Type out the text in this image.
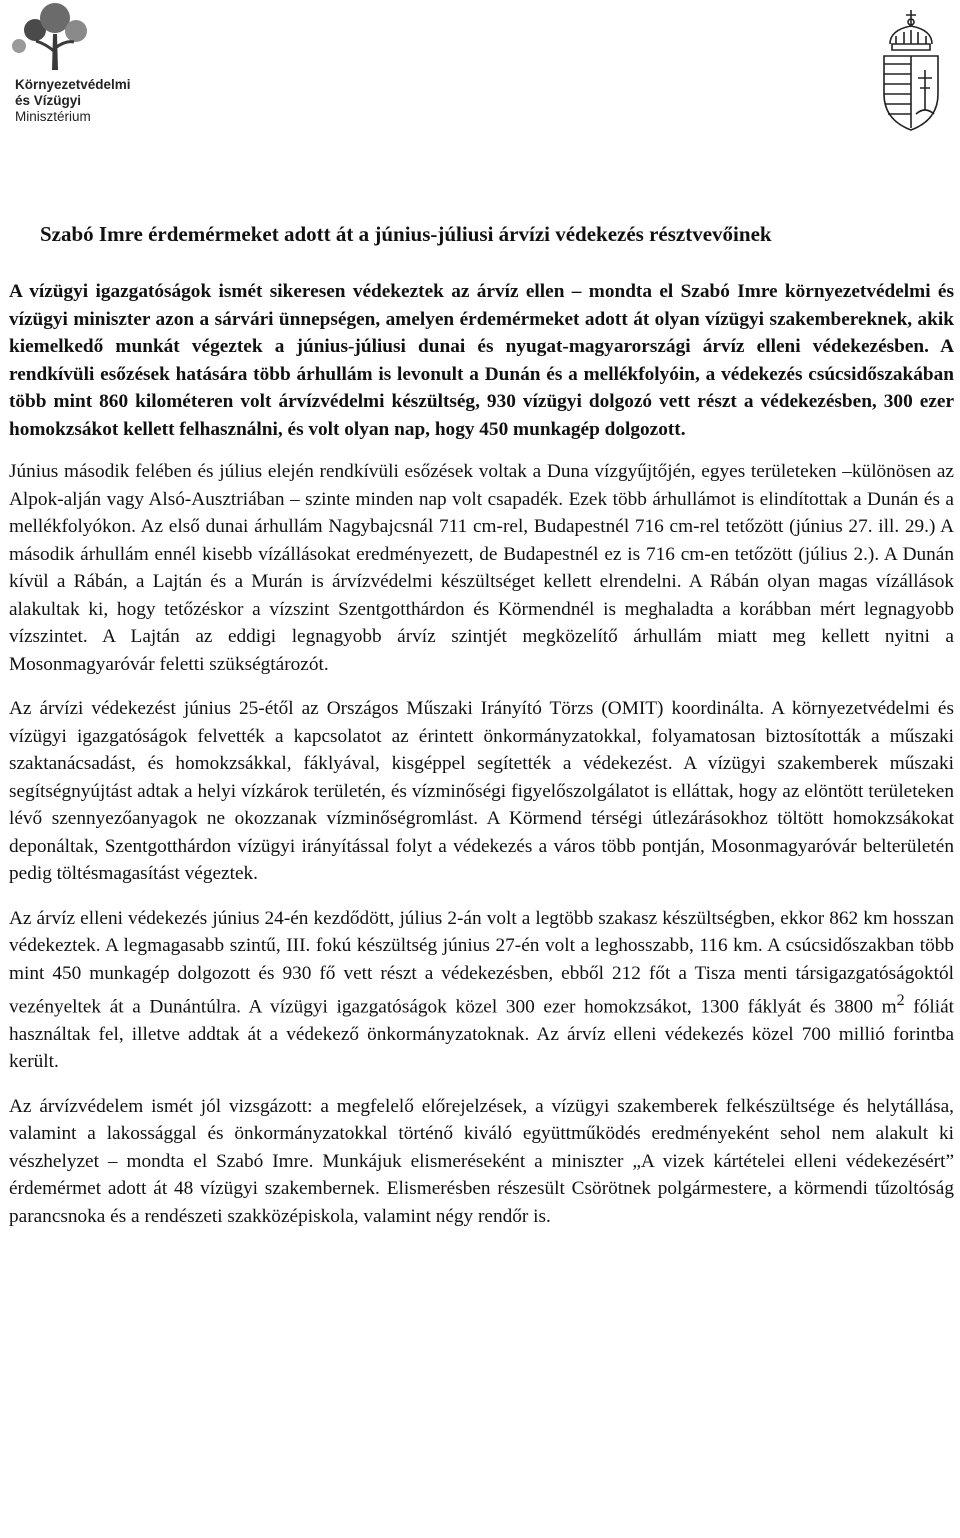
Környezetvédelmi
és Vízügyi
Minisztérium
Szabó Imre érdemérmeket adott át a június-júliusi árvízi védekezés résztvevőinek

A vízügyi igazgatóságok ismét sikeresen védekeztek az árvíz ellen – mondta el Szabó Imre környezetvédelmi és vízügyi miniszter azon a sárvári ünnepségen, amelyen érdemérmeket adott át olyan vízügyi szakembereknek, akik kiemelkedő munkát végeztek a június-júliusi dunai és nyugat-magyarországi árvíz elleni védekezésben. A rendkívüli esőzések hatására több árhullám is levonult a Dunán és a mellékfolyóin, a védekezés csúcsidőszakában több mint 860 kilométeren volt árvízvédelmi készültség, 930 vízügyi dolgozó vett részt a védekezésben, 300 ezer homokzsákot kellett felhasználni, és volt olyan nap, hogy 450 munkagép dolgozott.

Június második felében és július elején rendkívüli esőzések voltak a Duna vízgyűjtőjén, egyes területeken –különösen az Alpok-alján vagy Alsó-Ausztriában – szinte minden nap volt csapadék. Ezek több árhullámot is elindítottak a Dunán és a mellékfolyókon. Az első dunai árhullám Nagybajcsnál 711 cm-rel, Budapestnél 716 cm-rel tetőzött (június 27. ill. 29.) A második árhullám ennél kisebb vízállásokat eredményezett, de Budapestnél ez is 716 cm-en tetőzött (július 2.). A Dunán kívül a Rábán, a Lajtán és a Murán is árvízvédelmi készültséget kellett elrendelni. A Rábán olyan magas vízállások alakultak ki, hogy tetőzéskor a vízszint Szentgotthárdon és Körmendnél is meghaladta a korábban mért legnagyobb vízszintet. A Lajtán az eddigi legnagyobb árvíz szintjét megközelítő árhullám miatt meg kellett nyitni a Mosonmagyaróvár feletti szükségtározót.

Az árvízi védekezést június 25-étől az Országos Műszaki Irányító Törzs (OMIT) koordinálta. A környezetvédelmi és vízügyi igazgatóságok felvették a kapcsolatot az érintett önkormányzatokkal, folyamatosan biztosították a műszaki szaktanácsadást, és homokzsákkal, fáklyával, kisgéppel segítették a védekezést. A vízügyi szakemberek műszaki segítségnyújtást adtak a helyi vízkárok területén, és vízminőségi figyelőszolgálatot is elláttak, hogy az elöntött területeken lévő szennyezőanyagok ne okozzanak vízminőségromlást. A Körmend térségi útlezárásokhoz töltött homokzsákokat deponáltak, Szentgotthárdon vízügyi irányítással folyt a védekezés a város több pontján, Mosonmagyaróvár belterületén pedig töltésmagasítást végeztek.

Az árvíz elleni védekezés június 24-én kezdődött, július 2-án volt a legtöbb szakasz készültségben, ekkor 862 km hosszan védekeztek. A legmagasabb szintű, III. fokú készültség június 27-én volt a leghosszabb, 116 km. A csúcsidőszakban több mint 450 munkagép dolgozott és 930 fő vett részt a védekezésben, ebből 212 főt a Tisza menti társigazgatóságoktól vezényeltek át a Dunántúlra. A vízügyi igazgatóságok közel 300 ezer homokzsákot, 1300 fáklyát és 3800 $m^2$ fóliát használtak fel, illetve addtak át a védekező önkormányzatoknak. Az árvíz elleni védekezés közel 700 millió forintba került.

Az árvízvédelem ismét jól vizsgázott: a megfelelő előrejelzések, a vízügyi szakemberek felkészültsége és helytállása, valamint a lakossággal és önkormányzatokkal történő kiváló együttműködés eredményeként sehol nem alakult ki vészhelyzet – mondta el Szabó Imre. Munkájuk elismeréseként a miniszter „A vizek kártételei elleni védekezésért” érdemérmet adott át 48 vízügyi szakembernek. Elismerésben részesült Csörötnek polgármestere, a körmendi tűzoltóság parancsnoka és a rendészeti szakközépiskola, valamint négy rendőr is.
